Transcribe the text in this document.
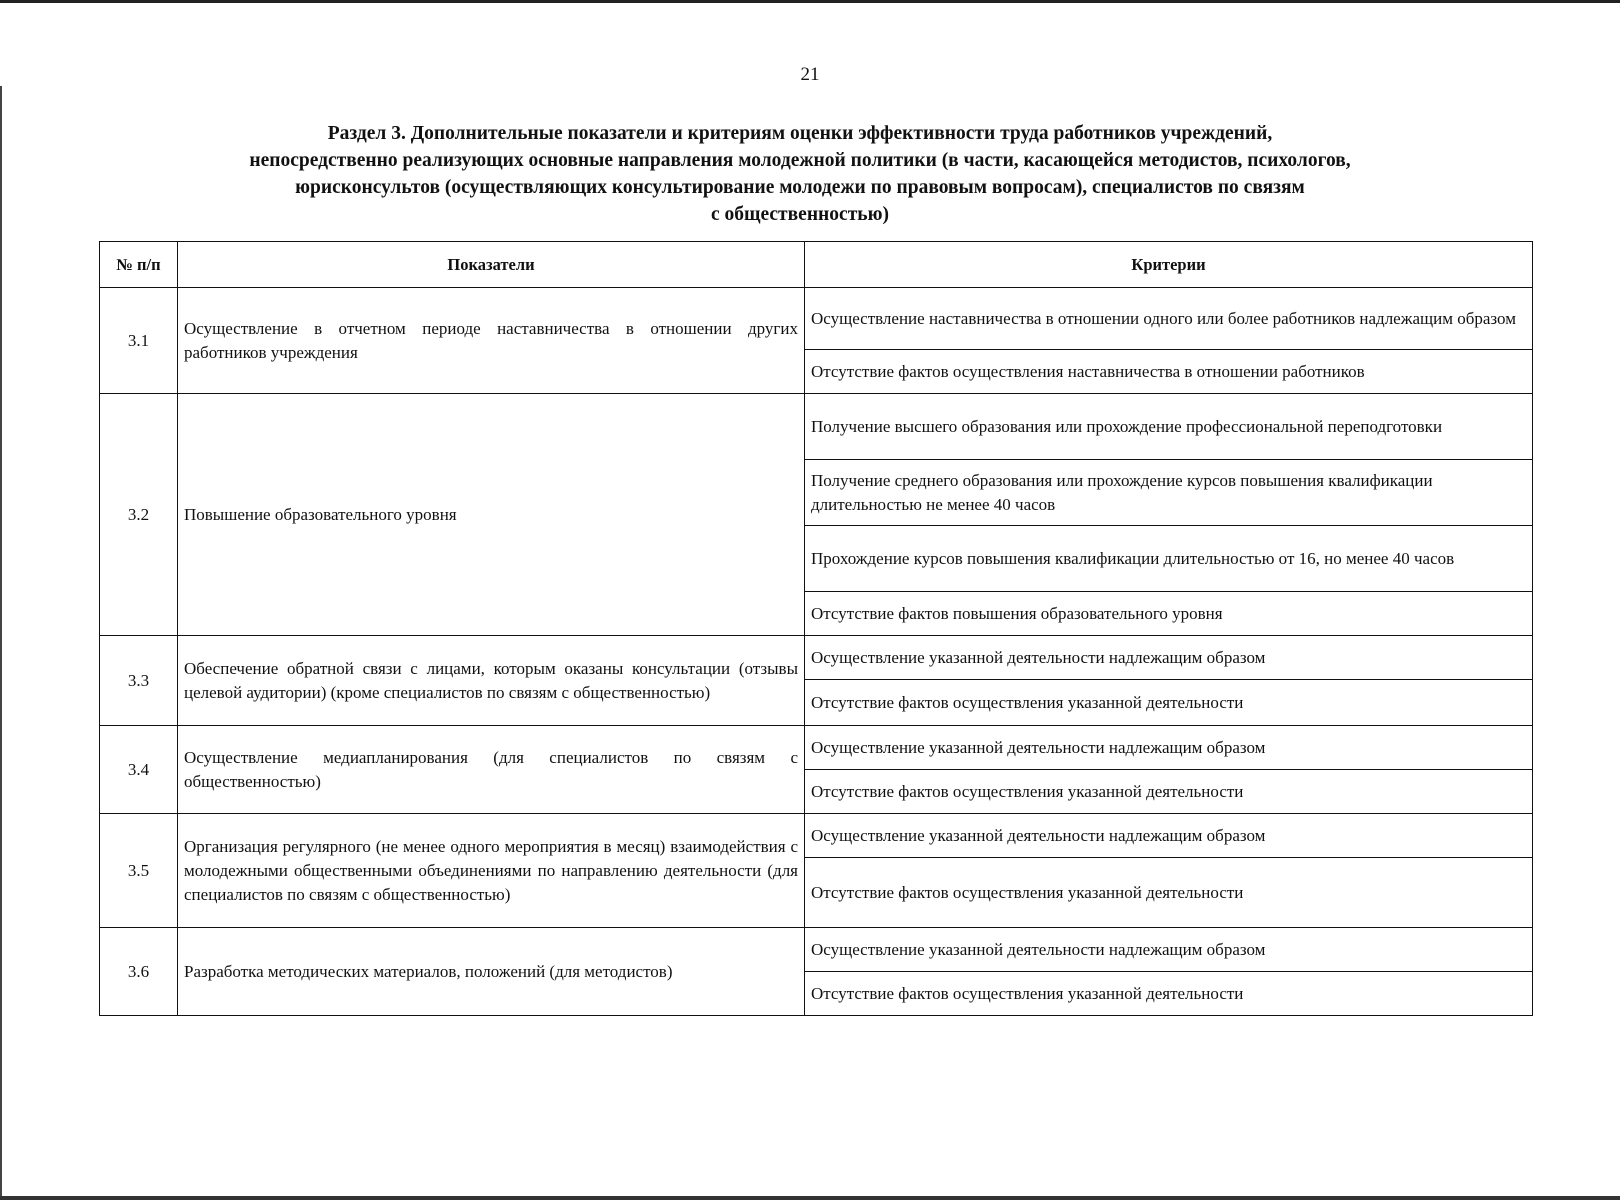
21
Раздел 3. Дополнительные показатели и критериям оценки эффективности труда работников учреждений,
непосредственно реализующих основные направления молодежной политики (в части, касающейся методистов, психологов,
юрисконсультов (осуществляющих консультирование молодежи по правовым вопросам), специалистов по связям
с общественностью)
№ п/п	Показатели	Критерии
3.1	Осуществление в отчетном периоде наставничества в отношении других работников учреждения	Осуществление наставничества в отношении одного или более работников надлежащим образом
		Отсутствие фактов осуществления наставничества в отношении работников
3.2	Повышение образовательного уровня	Получение высшего образования или прохождение профессиональной переподготовки
		Получение среднего образования или прохождение курсов повышения квалификации длительностью не менее 40 часов
		Прохождение курсов повышения квалификации длительностью от 16, но менее 40 часов
		Отсутствие фактов повышения образовательного уровня
3.3	Обеспечение обратной связи с лицами, которым оказаны консультации (отзывы целевой аудитории) (кроме специалистов по связям с общественностью)	Осуществление указанной деятельности надлежащим образом
		Отсутствие фактов осуществления указанной деятельности
3.4	Осуществление медиапланирования (для специалистов по связям с общественностью)	Осуществление указанной деятельности надлежащим образом
		Отсутствие фактов осуществления указанной деятельности
3.5	Организация регулярного (не менее одного мероприятия в месяц) взаимодействия с молодежными общественными объединениями по направлению деятельности (для специалистов по связям с общественностью)	Осуществление указанной деятельности надлежащим образом
		Отсутствие фактов осуществления указанной деятельности
3.6	Разработка методических материалов, положений (для методистов)	Осуществление указанной деятельности надлежащим образом
		Отсутствие фактов осуществления указанной деятельности
